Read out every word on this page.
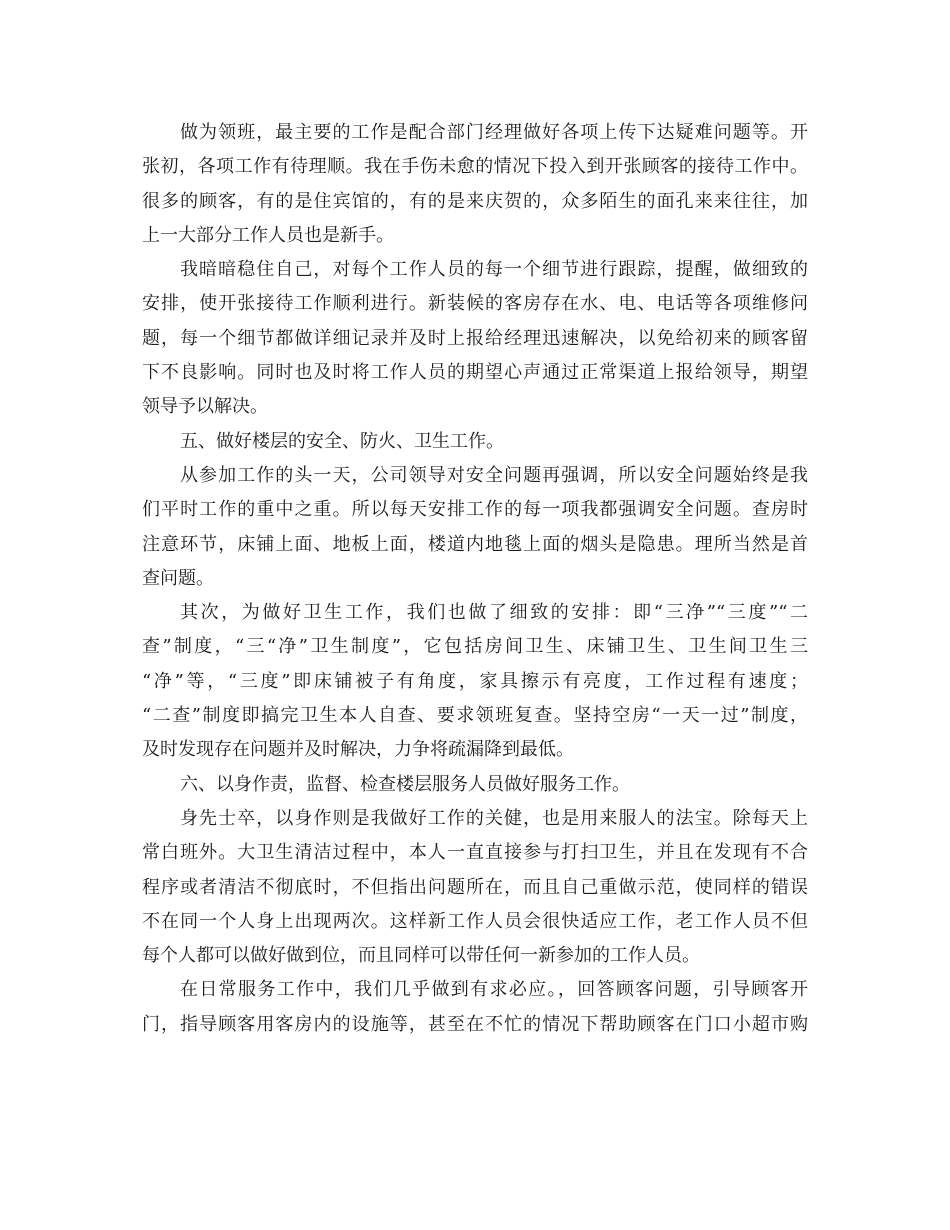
做为领班，最主要的工作是配合部门经理做好各项上传下达疑难问题等。开
张初，各项工作有待理顺。我在手伤未愈的情况下投入到开张顾客的接待工作中。
很多的顾客，有的是住宾馆的，有的是来庆贺的，众多陌生的面孔来来往往，加
上一大部分工作人员也是新手。
我暗暗稳住自己，对每个工作人员的每一个细节进行跟踪，提醒，做细致的
安排，使开张接待工作顺利进行。新装候的客房存在水、电、电话等各项维修问
题，每一个细节都做详细记录并及时上报给经理迅速解决，以免给初来的顾客留
下不良影响。同时也及时将工作人员的期望心声通过正常渠道上报给领导，期望
领导予以解决。
五、做好楼层的安全、防火、卫生工作。
从参加工作的头一天，公司领导对安全问题再强调，所以安全问题始终是我
们平时工作的重中之重。所以每天安排工作的每一项我都强调安全问题。查房时
注意环节，床铺上面、地板上面，楼道内地毯上面的烟头是隐患。理所当然是首
查问题。
其次，为做好卫生工作，我们也做了细致的安排：即“三净”“三度”“二
查”制度，“三“净”卫生制度”，它包括房间卫生、床铺卫生、卫生间卫生三
“净”等，“三度”即床铺被子有角度，家具擦示有亮度，工作过程有速度；
“二查”制度即搞完卫生本人自查、要求领班复查。坚持空房“一天一过”制度，
及时发现存在问题并及时解决，力争将疏漏降到最低。
六、以身作责，监督、检查楼层服务人员做好服务工作。
身先士卒，以身作则是我做好工作的关健，也是用来服人的法宝。除每天上
常白班外。大卫生清洁过程中，本人一直直接参与打扫卫生，并且在发现有不合
程序或者清洁不彻底时，不但指出问题所在，而且自己重做示范，使同样的错误
不在同一个人身上出现两次。这样新工作人员会很快适应工作，老工作人员不但
每个人都可以做好做到位，而且同样可以带任何一新参加的工作人员。
在日常服务工作中，我们几乎做到有求必应。，回答顾客问题，引导顾客开
门，指导顾客用客房内的设施等，甚至在不忙的情况下帮助顾客在门口小超市购
